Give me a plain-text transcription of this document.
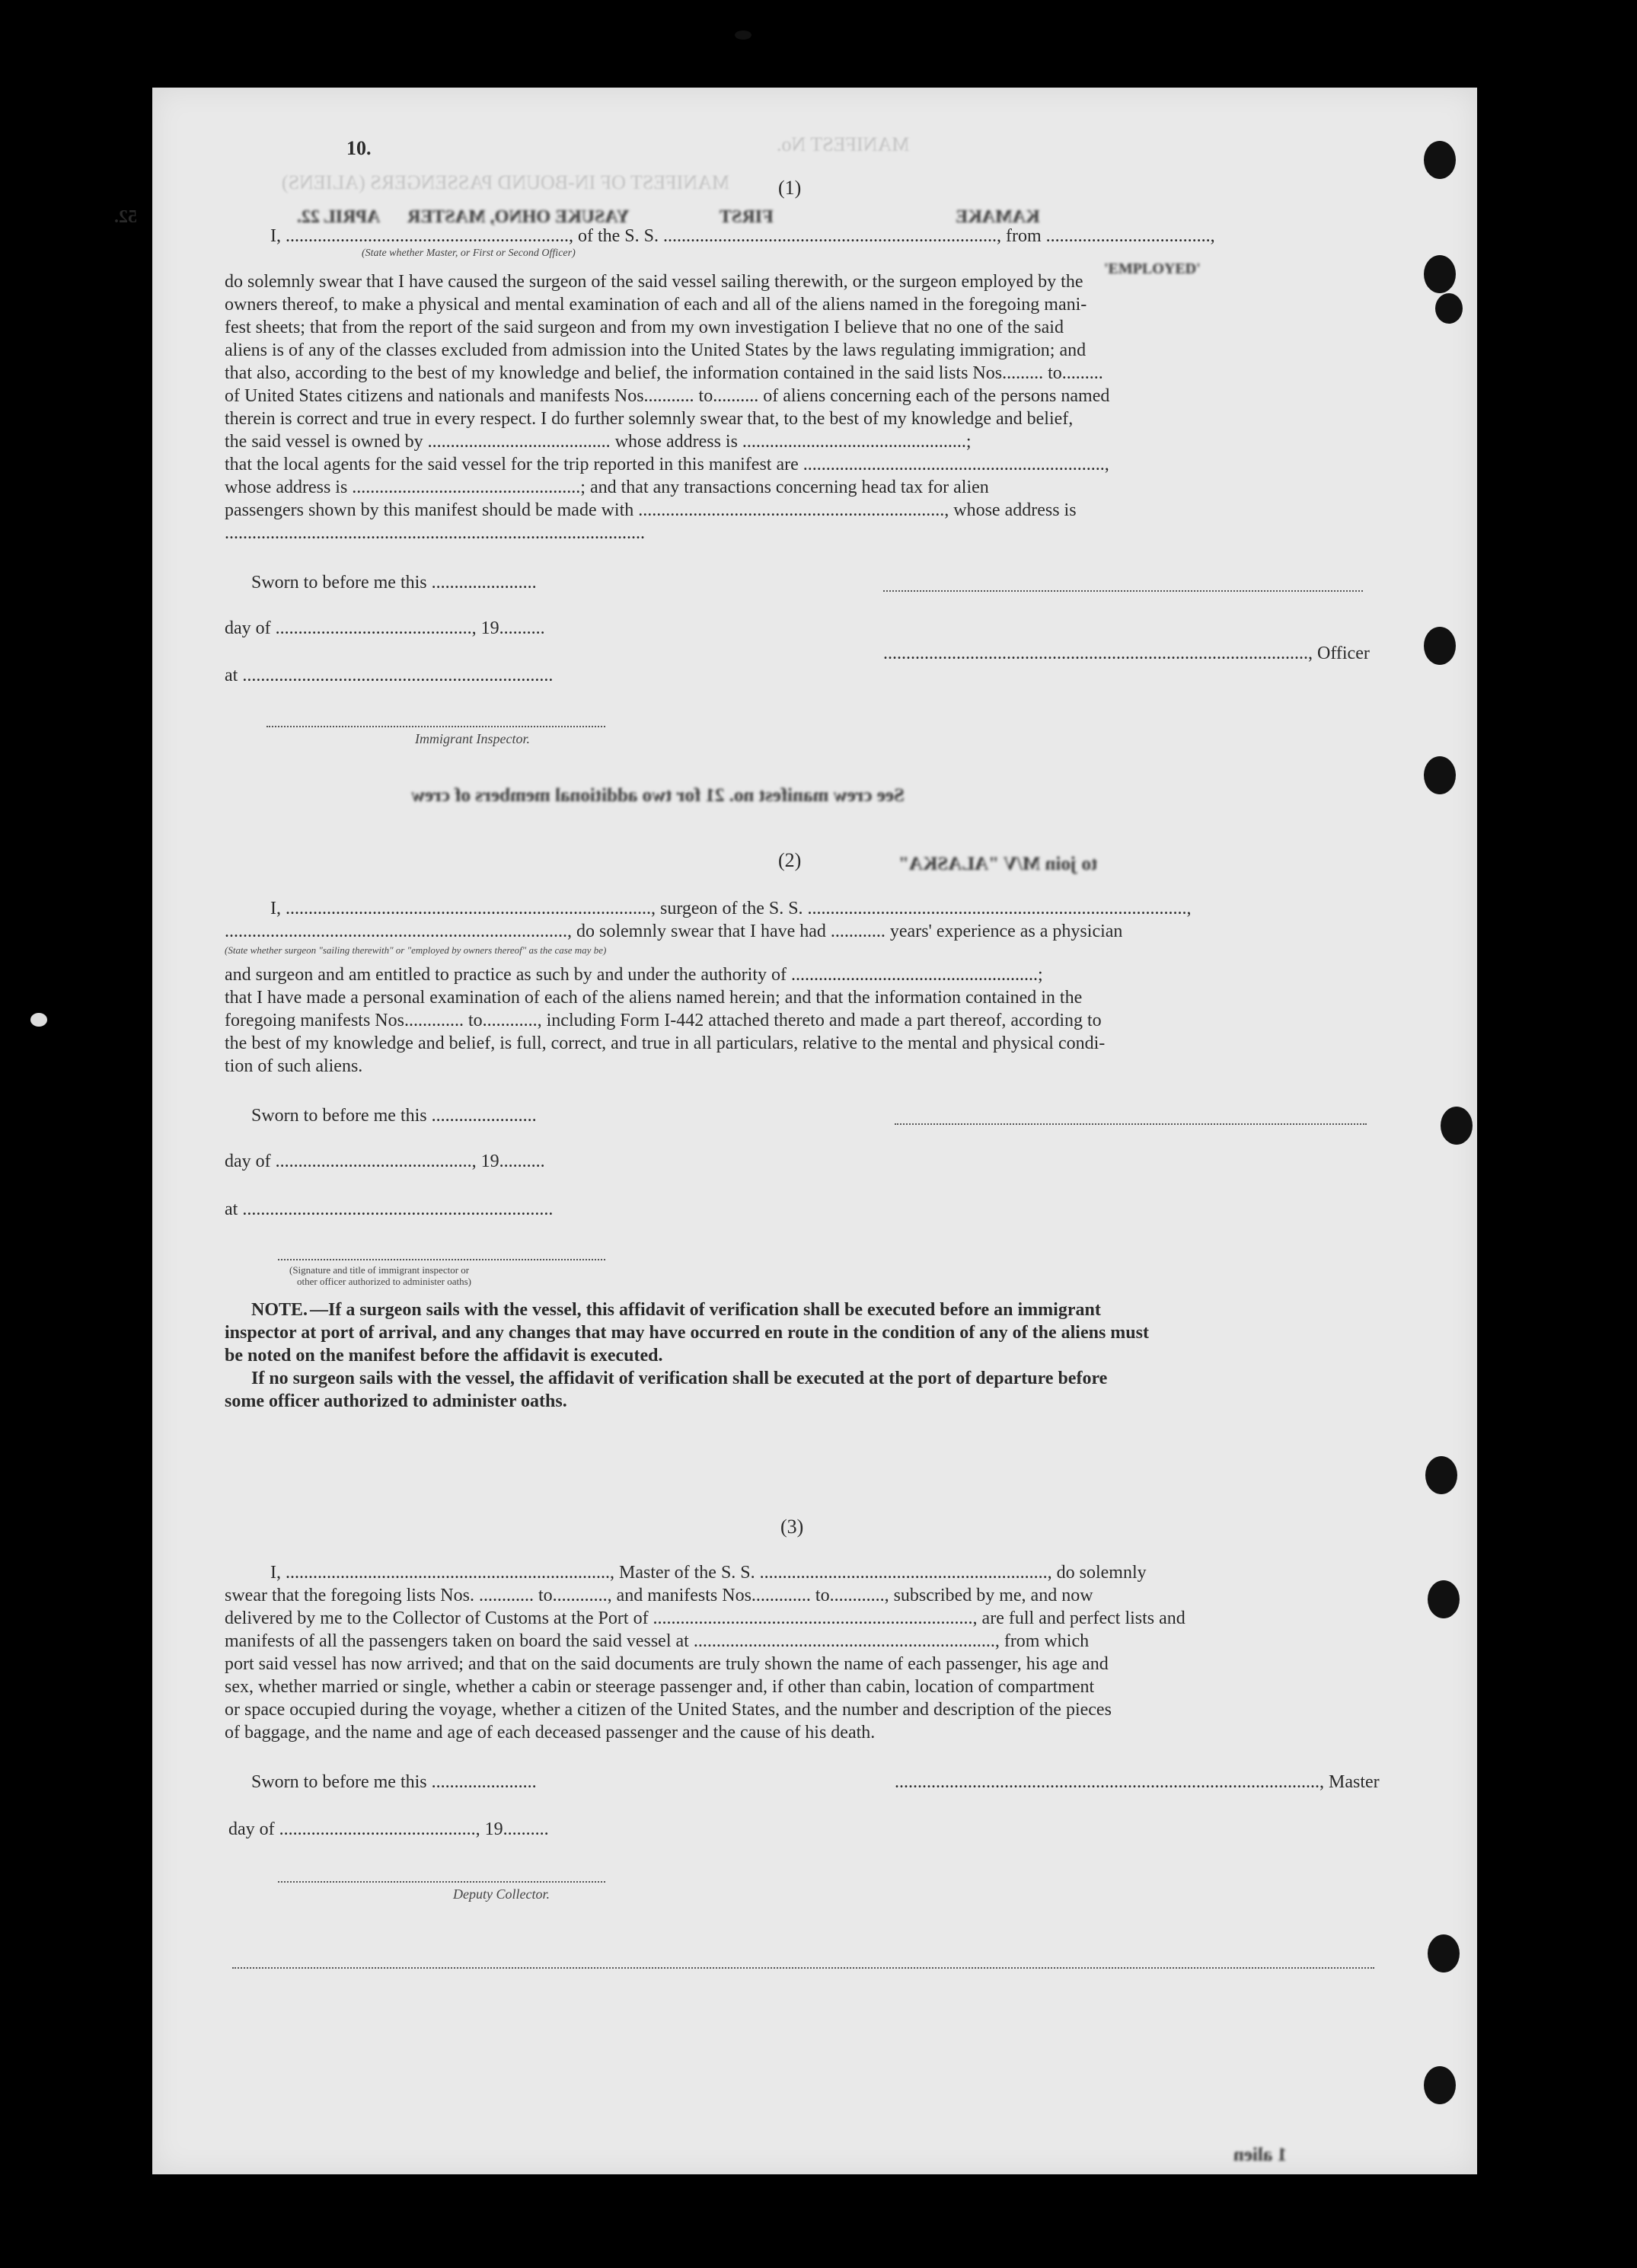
MANIFEST No.
MANIFEST OF IN-BOUND PASSENGERS (ALIENS)
10.
52.
(1)
APRIL 22. YASUKE OHNO, MASTER	FIRST	KAMAKE
I, .............................................................., of the S. S. ........................................................................., from ....................................,
(State whether Master, or First or Second Officer)
'EMPLOYED'
do solemnly swear that I have caused the surgeon of the said vessel sailing therewith, or the surgeon employed by the
owners thereof, to make a physical and mental examination of each and all of the aliens named in the foregoing mani-
fest sheets; that from the report of the said surgeon and from my own investigation I believe that no one of the said
aliens is of any of the classes excluded from admission into the United States by the laws regulating immigration; and
that also, according to the best of my knowledge and belief, the information contained in the said lists Nos......... to.........
of United States citizens and nationals and manifests Nos........... to.......... of aliens concerning each of the persons named
therein is correct and true in every respect. I do further solemnly swear that, to the best of my knowledge and belief,
the said vessel is owned by ........................................ whose address is .................................................;
that the local agents for the said vessel for the trip reported in this manifest are ..................................................................,
whose address is ..................................................; and that any transactions concerning head tax for alien
passengers shown by this manifest should be made with ..................................................................., whose address is
............................................................................................
Sworn to before me this .......................
day of ..........................................., 19..........
............................................................................................., Officer
at ....................................................................
Immigrant Inspector.
See crew manifest no. 21 for two additional members of crew
to join M/V "ALASKA"
(2)
I, ................................................................................, surgeon of the S. S. ...................................................................................,
..........................................................................., do solemnly swear that I have had ............ years' experience as a physician
(State whether surgeon "sailing therewith" or "employed by owners thereof" as the case may be)
and surgeon and am entitled to practice as such by and under the authority of ......................................................;
that I have made a personal examination of each of the aliens named herein; and that the information contained in the
foregoing manifests Nos............. to............, including Form I-442 attached thereto and made a part thereof, according to
the best of my knowledge and belief, is full, correct, and true in all particulars, relative to the mental and physical condi-
tion of such aliens.
Sworn to before me this .......................
day of ..........................................., 19..........
at ....................................................................
(Signature and title of immigrant inspector or
other officer authorized to administer oaths)
NOTE. —If a surgeon sails with the vessel, this affidavit of verification shall be executed before an immigrant
inspector at port of arrival, and any changes that may have occurred en route in the condition of any of the aliens must
be noted on the manifest before the affidavit is executed.
If no surgeon sails with the vessel, the affidavit of verification shall be executed at the port of departure before
some officer authorized to administer oaths.
(3)
I, ......................................................................., Master of the S. S. ..............................................................., do solemnly
swear that the foregoing lists Nos. ............ to............, and manifests Nos............. to............, subscribed by me, and now
delivered by me to the Collector of Customs at the Port of ......................................................................, are full and perfect lists and
manifests of all the passengers taken on board the said vessel at .................................................................., from which
port said vessel has now arrived; and that on the said documents are truly shown the name of each passenger, his age and
sex, whether married or single, whether a cabin or steerage passenger and, if other than cabin, location of compartment
or space occupied during the voyage, whether a citizen of the United States, and the number and description of the pieces
of baggage, and the name and age of each deceased passenger and the cause of his death.
Sworn to before me this .......................	............................................................................................., Master
day of ..........................................., 19..........
Deputy Collector.
1 alien
